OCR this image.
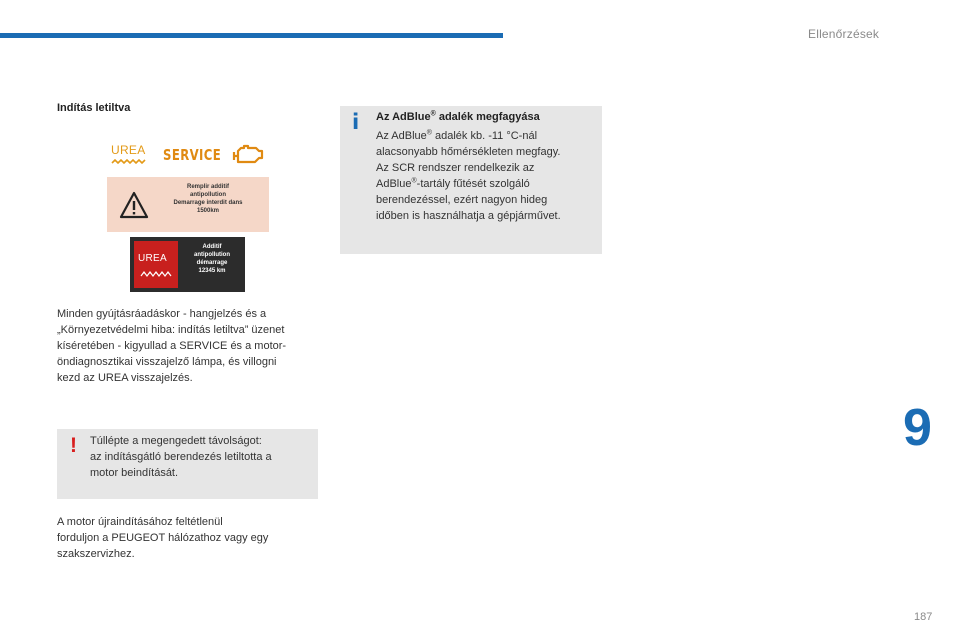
Ellenőrzések
9
187
Indítás letiltva
UREA SERVICE
Remplir additif
antipollution
Demarrage interdit dans
1500km
UREA
Additif
antipollution
démarrage
12345 km
Minden gyújtásráadáskor - hangjelzés és a
„Környezetvédelmi hiba: indítás letiltva” üzenet
kíséretében - kigyullad a SERVICE és a motor-
öndiagnosztikai visszajelző lámpa, és villogni
kezd az UREA visszajelzés.
! Túllépte a megengedett távolságot:
az indításgátló berendezés letiltotta a
motor beindítását.
A motor újraindításához feltétlenül
forduljon a PEUGEOT hálózathoz vagy egy
szakszervizhez.
i Az AdBlue® adalék megfagyása
Az AdBlue® adalék kb. -11 °C-nál
alacsonyabb hőmérsékleten megfagy.
Az SCR rendszer rendelkezik az
AdBlue®-tartály fűtését szolgáló
berendezéssel, ezért nagyon hideg
időben is használhatja a gépjárművet.
